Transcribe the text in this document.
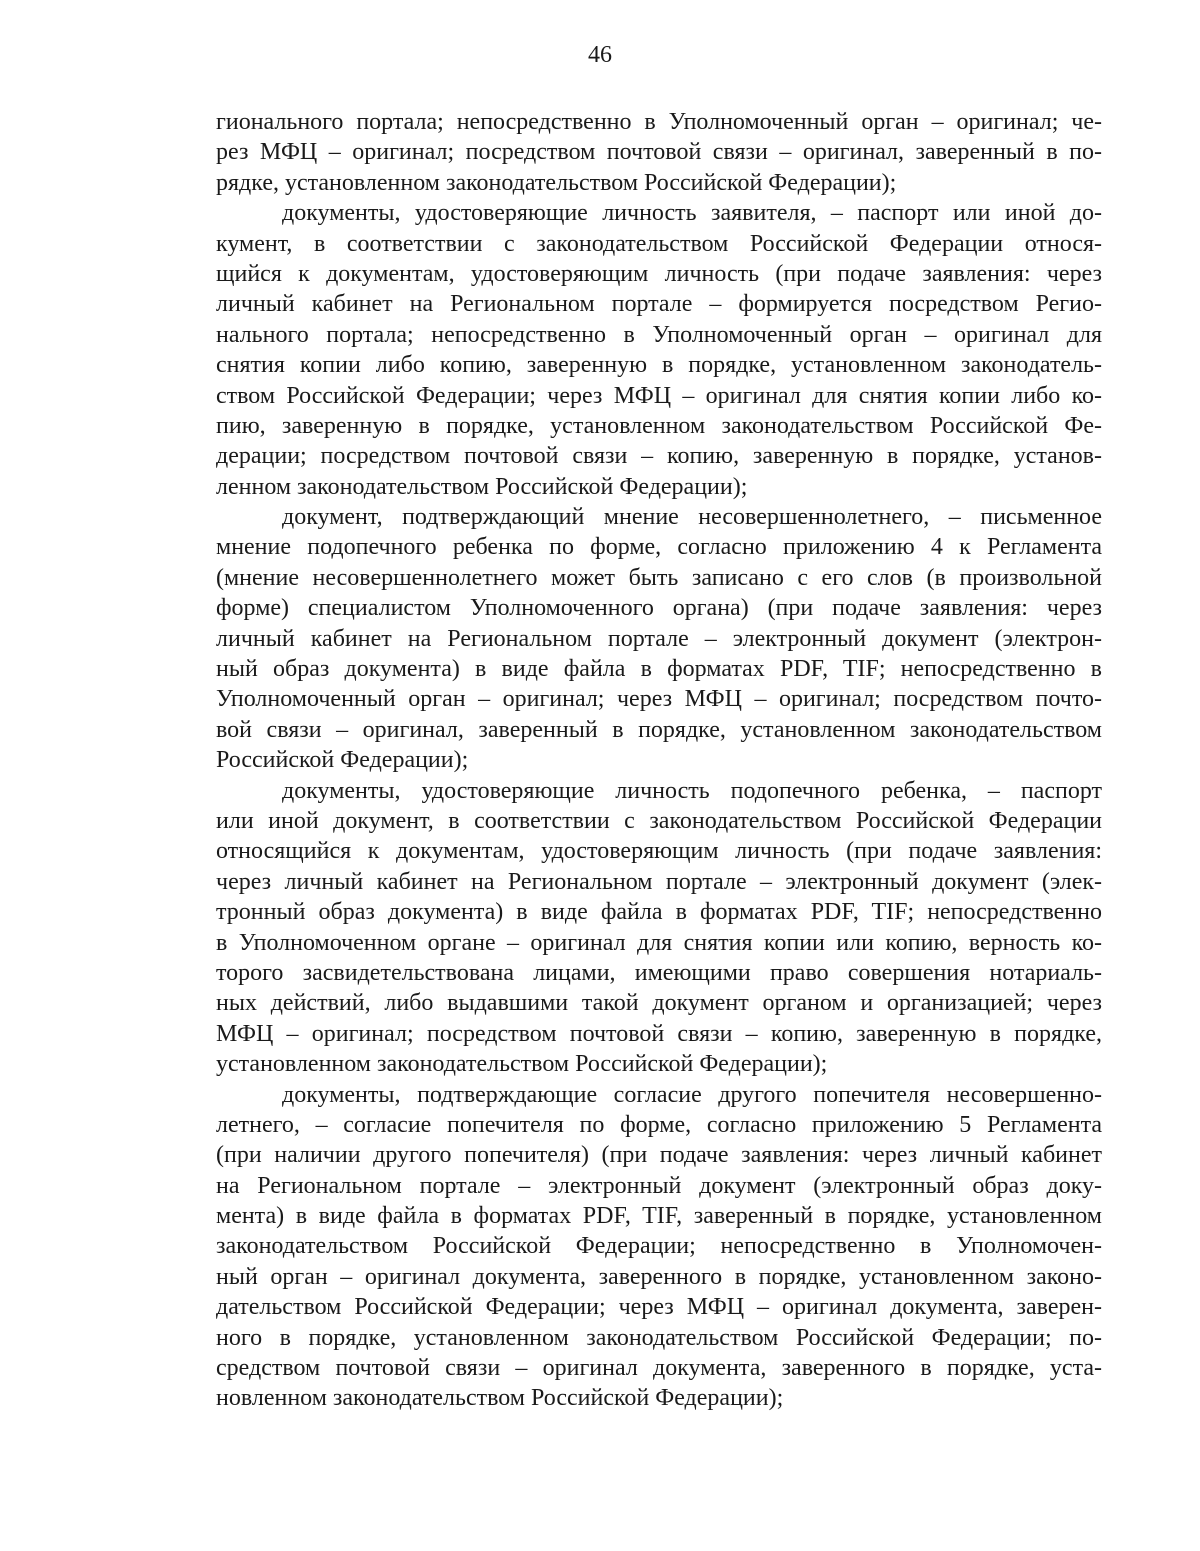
46
гионального портала; непосредственно в Уполномоченный орган – оригинал; че-
рез МФЦ – оригинал; посредством почтовой связи – оригинал, заверенный в по-
рядке, установленном законодательством Российской Федерации);
документы, удостоверяющие личность заявителя, – паспорт или иной до-
кумент, в соответствии с законодательством Российской Федерации относя-
щийся к документам, удостоверяющим личность (при подаче заявления: через
личный кабинет на Региональном портале – формируется посредством Регио-
нального портала; непосредственно в Уполномоченный орган – оригинал для
снятия копии либо копию, заверенную в порядке, установленном законодатель-
ством Российской Федерации; через МФЦ – оригинал для снятия копии либо ко-
пию, заверенную в порядке, установленном законодательством Российской Фе-
дерации; посредством почтовой связи – копию, заверенную в порядке, установ-
ленном законодательством Российской Федерации);
документ, подтверждающий мнение несовершеннолетнего, – письменное
мнение подопечного ребенка по форме, согласно приложению 4 к Регламента
(мнение несовершеннолетнего может быть записано с его слов (в произвольной
форме) специалистом Уполномоченного органа) (при подаче заявления: через
личный кабинет на Региональном портале – электронный документ (электрон-
ный образ документа) в виде файла в форматах PDF, TIF; непосредственно в
Уполномоченный орган – оригинал; через МФЦ – оригинал; посредством почто-
вой связи – оригинал, заверенный в порядке, установленном законодательством
Российской Федерации);
документы, удостоверяющие личность подопечного ребенка, – паспорт
или иной документ, в соответствии с законодательством Российской Федерации
относящийся к документам, удостоверяющим личность (при подаче заявления:
через личный кабинет на Региональном портале – электронный документ (элек-
тронный образ документа) в виде файла в форматах PDF, TIF; непосредственно
в Уполномоченном органе – оригинал для снятия копии или копию, верность ко-
торого засвидетельствована лицами, имеющими право совершения нотариаль-
ных действий, либо выдавшими такой документ органом и организацией; через
МФЦ – оригинал; посредством почтовой связи – копию, заверенную в порядке,
установленном законодательством Российской Федерации);
документы, подтверждающие согласие другого попечителя несовершенно-
летнего, – согласие попечителя по форме, согласно приложению 5 Регламента
(при наличии другого попечителя) (при подаче заявления: через личный кабинет
на Региональном портале – электронный документ (электронный образ доку-
мента) в виде файла в форматах PDF, TIF, заверенный в порядке, установленном
законодательством Российской Федерации; непосредственно в Уполномочен-
ный орган – оригинал документа, заверенного в порядке, установленном законо-
дательством Российской Федерации; через МФЦ – оригинал документа, заверен-
ного в порядке, установленном законодательством Российской Федерации; по-
средством почтовой связи – оригинал документа, заверенного в порядке, уста-
новленном законодательством Российской Федерации);
